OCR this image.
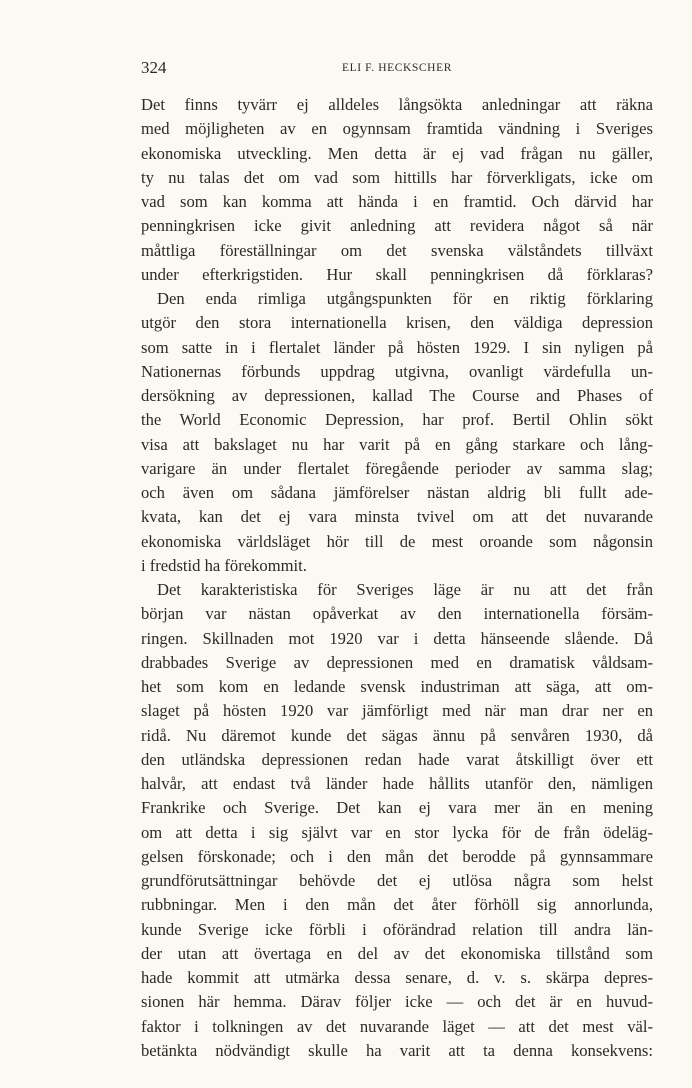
324	ELI F. HECKSCHER
Det finns tyvärr ej alldeles långsökta anledningar att räkna
med möjligheten av en ogynnsam framtida vändning i Sveriges
ekonomiska utveckling. Men detta är ej vad frågan nu gäller,
ty nu talas det om vad som hittills har förverkligats, icke om
vad som kan komma att hända i en framtid. Och därvid har
penningkrisen icke givit anledning att revidera något så när
måttliga föreställningar om det svenska välståndets tillväxt
under efterkrigstiden. Hur skall penningkrisen då förklaras?
Den enda rimliga utgångspunkten för en riktig förklaring
utgör den stora internationella krisen, den väldiga depression
som satte in i flertalet länder på hösten 1929. I sin nyligen på
Nationernas förbunds uppdrag utgivna, ovanligt värdefulla un-
dersökning av depressionen, kallad The Course and Phases of
the World Economic Depression, har prof. Bertil Ohlin sökt
visa att bakslaget nu har varit på en gång starkare och lång-
varigare än under flertalet föregående perioder av samma slag;
och även om sådana jämförelser nästan aldrig bli fullt ade-
kvata, kan det ej vara minsta tvivel om att det nuvarande
ekonomiska världsläget hör till de mest oroande som någonsin
i fredstid ha förekommit.
Det karakteristiska för Sveriges läge är nu att det från
början var nästan opåverkat av den internationella försäm-
ringen. Skillnaden mot 1920 var i detta hänseende slående. Då
drabbades Sverige av depressionen med en dramatisk våldsam-
het som kom en ledande svensk industriman att säga, att om-
slaget på hösten 1920 var jämförligt med när man drar ner en
ridå. Nu däremot kunde det sägas ännu på senvåren 1930, då
den utländska depressionen redan hade varat åtskilligt över ett
halvår, att endast två länder hade hållits utanför den, nämligen
Frankrike och Sverige. Det kan ej vara mer än en mening
om att detta i sig självt var en stor lycka för de från ödeläg-
gelsen förskonade; och i den mån det berodde på gynnsammare
grundförutsättningar behövde det ej utlösa några som helst
rubbningar. Men i den mån det åter förhöll sig annorlunda,
kunde Sverige icke förbli i oförändrad relation till andra län-
der utan att övertaga en del av det ekonomiska tillstånd som
hade kommit att utmärka dessa senare, d. v. s. skärpa depres-
sionen här hemma. Därav följer icke — och det är en huvud-
faktor i tolkningen av det nuvarande läget — att det mest väl-
betänkta nödvändigt skulle ha varit att ta denna konsekvens:
